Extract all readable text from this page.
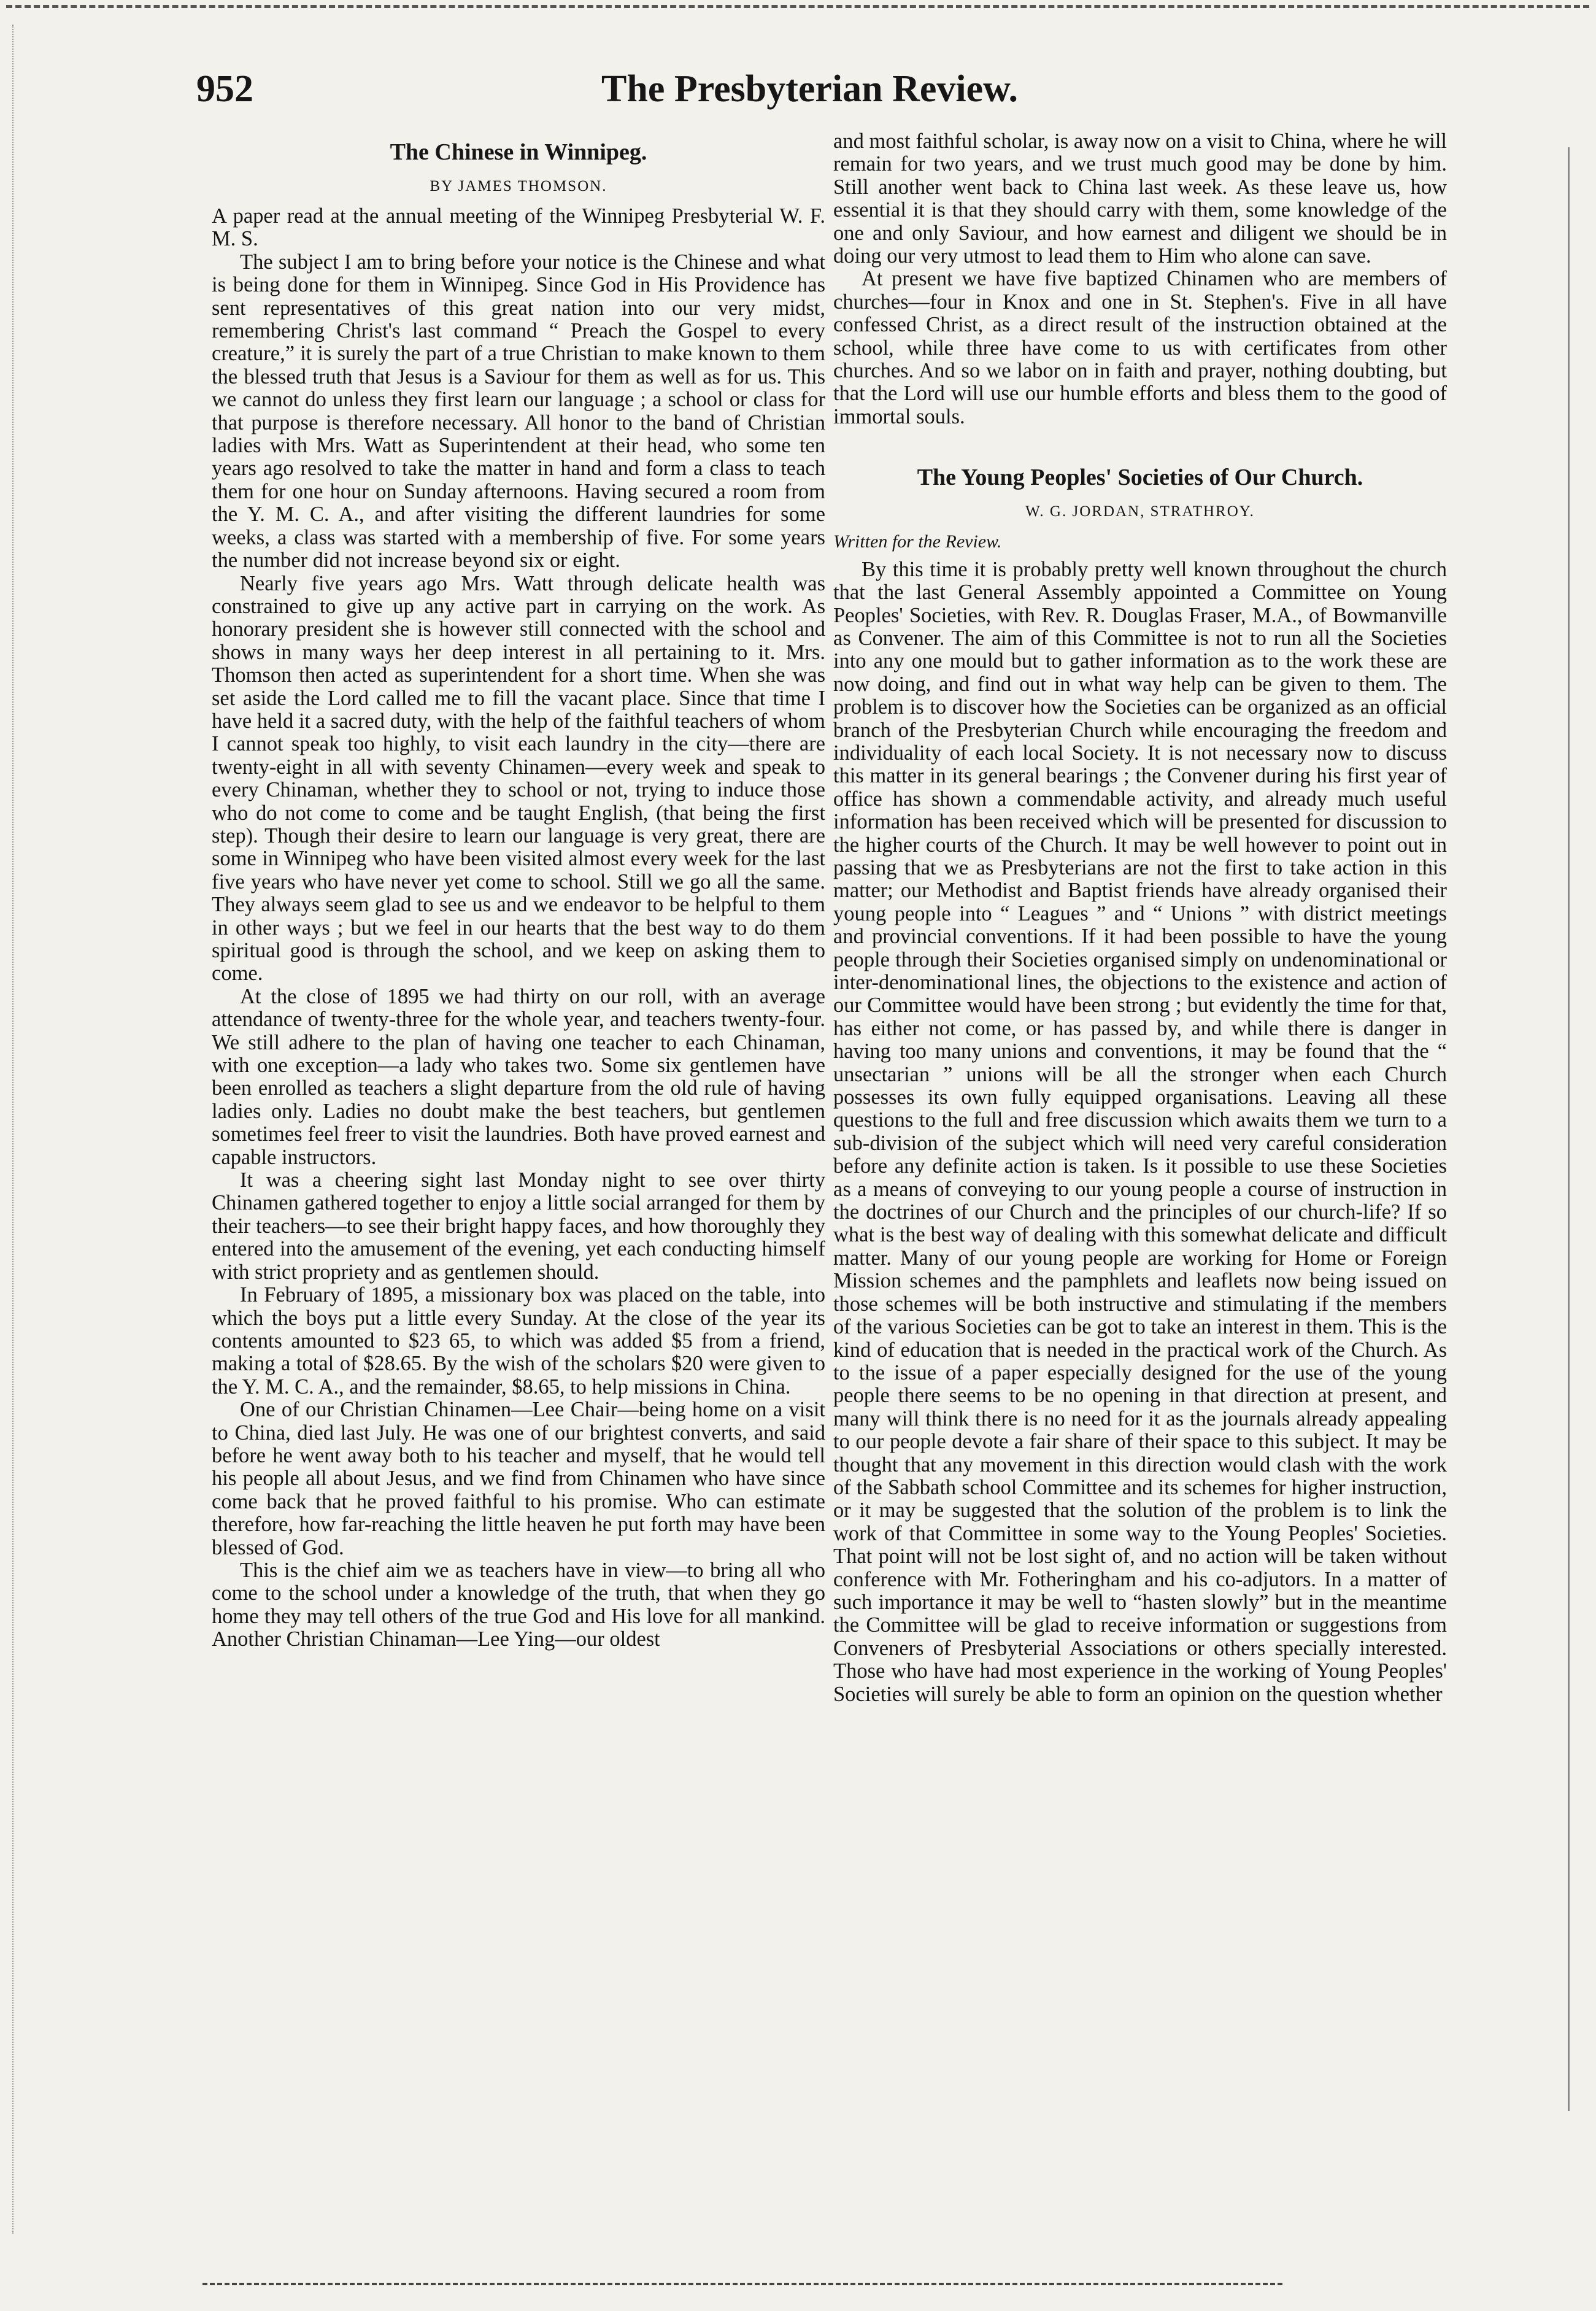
952	The Presbyterian Review.
The Chinese in Winnipeg.
BY JAMES THOMSON.

A paper read at the annual meeting of the Winnipeg Presbyterial W. F. M. S.

The subject I am to bring before your notice is the Chinese and what is being done for them in Winnipeg. Since God in His Providence has sent representatives of this great nation into our very midst, remembering Christ's last command “ Preach the Gospel to every creature,” it is surely the part of a true Christian to make known to them the blessed truth that Jesus is a Saviour for them as well as for us. This we cannot do unless they first learn our language ; a school or class for that purpose is therefore necessary. All honor to the band of Christian ladies with Mrs. Watt as Superintendent at their head, who some ten years ago resolved to take the matter in hand and form a class to teach them for one hour on Sunday afternoons. Having secured a room from the Y. M. C. A., and after visiting the different laundries for some weeks, a class was started with a membership of five. For some years the number did not increase beyond six or eight.

Nearly five years ago Mrs. Watt through delicate health was constrained to give up any active part in carrying on the work. As honorary president she is however still connected with the school and shows in many ways her deep interest in all pertaining to it. Mrs. Thomson then acted as superintendent for a short time. When she was set aside the Lord called me to fill the vacant place. Since that time I have held it a sacred duty, with the help of the faithful teachers of whom I cannot speak too highly, to visit each laundry in the city—there are twenty-eight in all with seventy Chinamen—every week and speak to every Chinaman, whether they to school or not, trying to induce those who do not come to come and be taught English, (that being the first step). Though their desire to learn our language is very great, there are some in Winnipeg who have been visited almost every week for the last five years who have never yet come to school. Still we go all the same. They always seem glad to see us and we endeavor to be helpful to them in other ways ; but we feel in our hearts that the best way to do them spiritual good is through the school, and we keep on asking them to come.

At the close of 1895 we had thirty on our roll, with an average attendance of twenty-three for the whole year, and teachers twenty-four. We still adhere to the plan of having one teacher to each Chinaman, with one exception—a lady who takes two. Some six gentlemen have been enrolled as teachers a slight departure from the old rule of having ladies only. Ladies no doubt make the best teachers, but gentlemen sometimes feel freer to visit the laundries. Both have proved earnest and capable instructors.

It was a cheering sight last Monday night to see over thirty Chinamen gathered together to enjoy a little social arranged for them by their teachers—to see their bright happy faces, and how thoroughly they entered into the amusement of the evening, yet each conducting himself with strict propriety and as gentlemen should.

In February of 1895, a missionary box was placed on the table, into which the boys put a little every Sunday. At the close of the year its contents amounted to $23 65, to which was added $5 from a friend, making a total of $28.65. By the wish of the scholars $20 were given to the Y. M. C. A., and the remainder, $8.65, to help missions in China.

One of our Christian Chinamen—Lee Chair—being home on a visit to China, died last July. He was one of our brightest converts, and said before he went away both to his teacher and myself, that he would tell his people all about Jesus, and we find from Chinamen who have since come back that he proved faithful to his promise. Who can estimate therefore, how far-reaching the little heaven he put forth may have been blessed of God.

This is the chief aim we as teachers have in view—to bring all who come to the school under a knowledge of the truth, that when they go home they may tell others of the true God and His love for all mankind. Another Christian Chinaman—Lee Ying—our oldest

and most faithful scholar, is away now on a visit to China, where he will remain for two years, and we trust much good may be done by him. Still another went back to China last week. As these leave us, how essential it is that they should carry with them, some knowledge of the one and only Saviour, and how earnest and diligent we should be in doing our very utmost to lead them to Him who alone can save.

At present we have five baptized Chinamen who are members of churches—four in Knox and one in St. Stephen's. Five in all have confessed Christ, as a direct result of the instruction obtained at the school, while three have come to us with certificates from other churches. And so we labor on in faith and prayer, nothing doubting, but that the Lord will use our humble efforts and bless them to the good of immortal souls.

The Young Peoples' Societies of Our Church.
W. G. JORDAN, STRATHROY.
Written for the Review.

By this time it is probably pretty well known throughout the church that the last General Assembly appointed a Committee on Young Peoples' Societies, with Rev. R. Douglas Fraser, M.A., of Bowmanville as Convener. The aim of this Committee is not to run all the Societies into any one mould but to gather information as to the work these are now doing, and find out in what way help can be given to them. The problem is to discover how the Societies can be organized as an official branch of the Presbyterian Church while encouraging the freedom and individuality of each local Society. It is not necessary now to discuss this matter in its general bearings ; the Convener during his first year of office has shown a commendable activity, and already much useful information has been received which will be presented for discussion to the higher courts of the Church. It may be well however to point out in passing that we as Presbyterians are not the first to take action in this matter; our Methodist and Baptist friends have already organised their young people into “ Leagues ” and “ Unions ” with district meetings and provincial conventions. If it had been possible to have the young people through their Societies organised simply on undenominational or inter-denominational lines, the objections to the existence and action of our Committee would have been strong ; but evidently the time for that, has either not come, or has passed by, and while there is danger in having too many unions and conventions, it may be found that the “ unsectarian ” unions will be all the stronger when each Church possesses its own fully equipped organisations. Leaving all these questions to the full and free discussion which awaits them we turn to a sub-division of the subject which will need very careful consideration before any definite action is taken. Is it possible to use these Societies as a means of conveying to our young people a course of instruction in the doctrines of our Church and the principles of our church-life? If so what is the best way of dealing with this somewhat delicate and difficult matter. Many of our young people are working for Home or Foreign Mission schemes and the pamphlets and leaflets now being issued on those schemes will be both instructive and stimulating if the members of the various Societies can be got to take an interest in them. This is the kind of education that is needed in the practical work of the Church. As to the issue of a paper especially designed for the use of the young people there seems to be no opening in that direction at present, and many will think there is no need for it as the journals already appealing to our people devote a fair share of their space to this subject. It may be thought that any movement in this direction would clash with the work of the Sabbath school Committee and its schemes for higher instruction, or it may be suggested that the solution of the problem is to link the work of that Committee in some way to the Young Peoples' Societies. That point will not be lost sight of, and no action will be taken without conference with Mr. Fotheringham and his co-adjutors. In a matter of such importance it may be well to “hasten slowly” but in the meantime the Committee will be glad to receive information or suggestions from Conveners of Presbyterial Associations or others specially interested. Those who have had most experience in the working of Young Peoples' Societies will surely be able to form an opinion on the question whether
